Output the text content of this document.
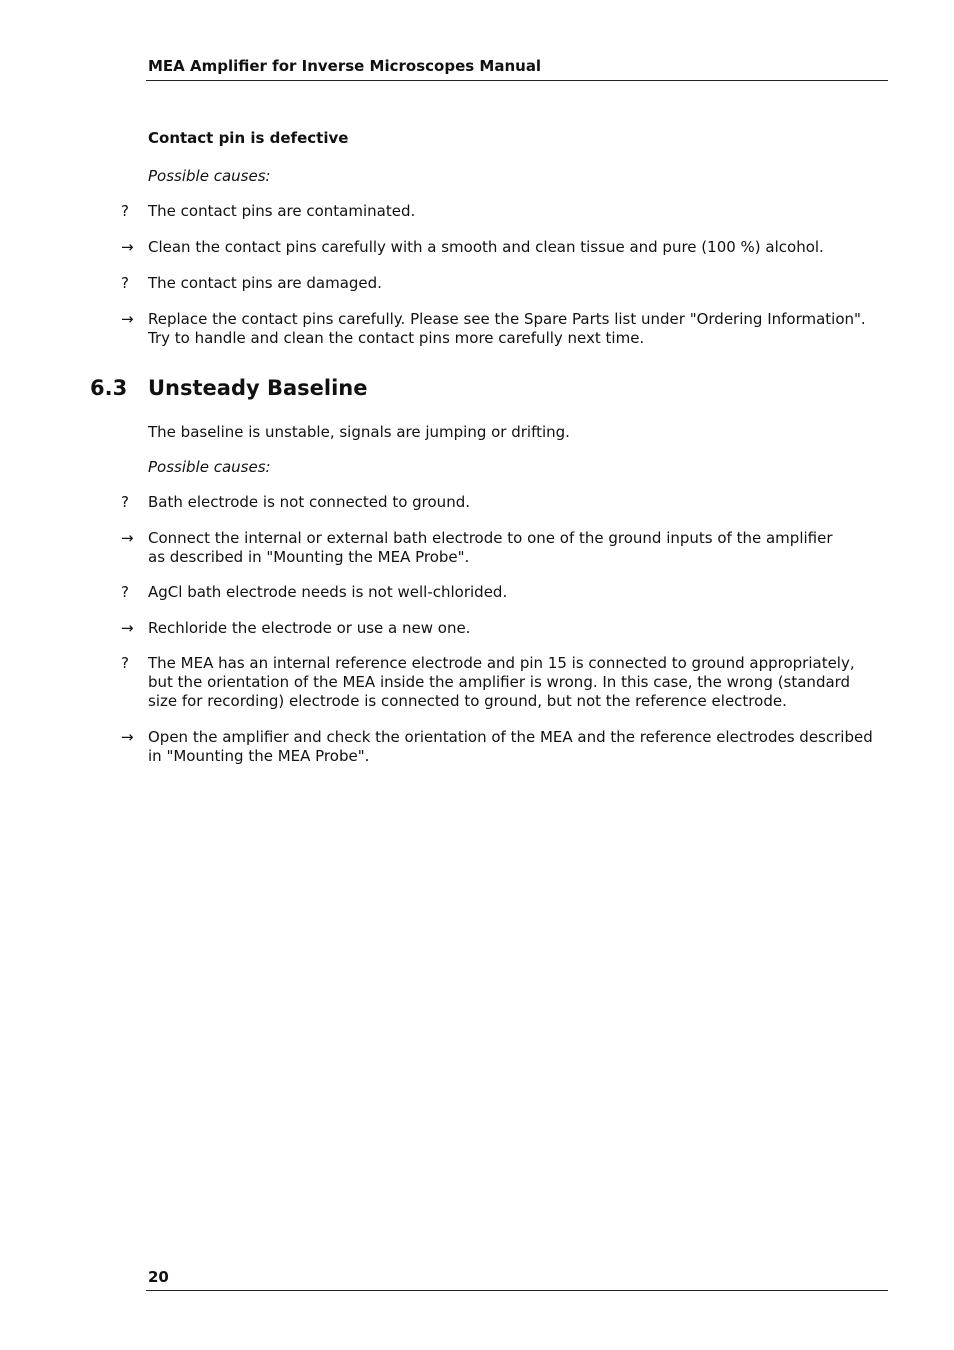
MEA Amplifier for Inverse Microscopes Manual
Contact pin is defective
Possible causes:
? The contact pins are contaminated.
→ Clean the contact pins carefully with a smooth and clean tissue and pure (100 %) alcohol.
? The contact pins are damaged.
→ Replace the contact pins carefully. Please see the Spare Parts list under "Ordering Information".
Try to handle and clean the contact pins more carefully next time.
6.3 Unsteady Baseline
The baseline is unstable, signals are jumping or drifting.
Possible causes:
? Bath electrode is not connected to ground.
→ Connect the internal or external bath electrode to one of the ground inputs of the amplifier
as described in "Mounting the MEA Probe".
? AgCl bath electrode needs is not well-chlorided.
→ Rechloride the electrode or use a new one.
? The MEA has an internal reference electrode and pin 15 is connected to ground appropriately,
but the orientation of the MEA inside the amplifier is wrong. In this case, the wrong (standard
size for recording) electrode is connected to ground, but not the reference electrode.
→ Open the amplifier and check the orientation of the MEA and the reference electrodes described
in "Mounting the MEA Probe".
20
